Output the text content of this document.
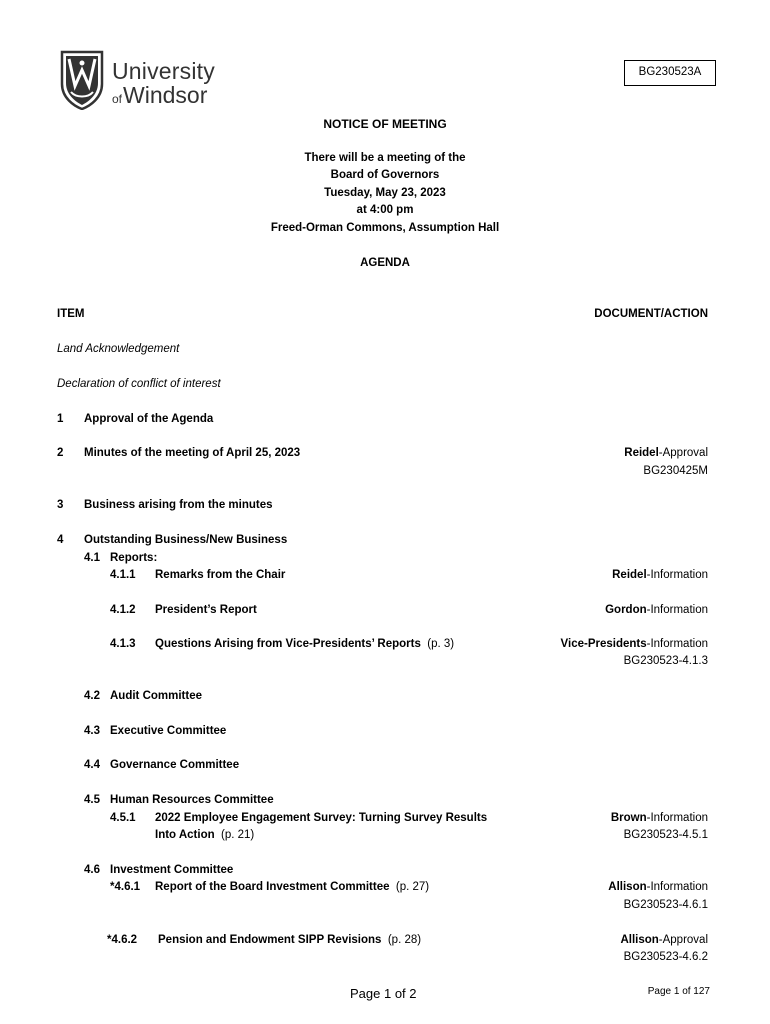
University
ofWindsor
BG230523A
NOTICE OF MEETING
There will be a meeting of the
Board of Governors
Tuesday, May 23, 2023
at 4:00 pm
Freed-Orman Commons, Assumption Hall
AGENDA
ITEM	DOCUMENT/ACTION
Land Acknowledgement
Declaration of conflict of interest
1 Approval of the Agenda
2 Minutes of the meeting of April 25, 2023	Reidel-Approval
BG230425M
3 Business arising from the minutes
4 Outstanding Business/New Business
4.1 Reports:
4.1.1 Remarks from the Chair	Reidel-Information
4.1.2 President’s Report	Gordon-Information
4.1.3 Questions Arising from Vice-Presidents’ Reports (p. 3)	Vice-Presidents-Information
BG230523-4.1.3
4.2 Audit Committee
4.3 Executive Committee
4.4 Governance Committee
4.5 Human Resources Committee
4.5.1 2022 Employee Engagement Survey: Turning Survey Results
Into Action (p. 21)
Brown-Information
BG230523-4.5.1
4.6 Investment Committee
*4.6.1 Report of the Board Investment Committee (p. 27)	Allison-Information
BG230523-4.6.1
*4.6.2 Pension and Endowment SIPP Revisions (p. 28)	Allison-Approval
BG230523-4.6.2
Page 1 of 2	Page 1 of 127
